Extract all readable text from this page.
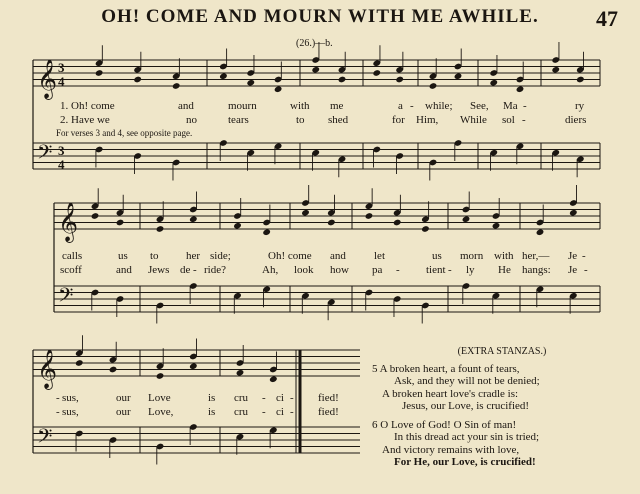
OH! COME AND MOURN WITH ME AWHILE.	47
(26.)—b.
𝄞
𝄢
3
4
3
4
𝄞
𝄢
𝄞
𝄢
1. Oh! come	and	mourn	with me	a - while; See, Ma -	ry
2. Have we	no	tears	to shed	for Him, While sol -	diers
For verses 3 and 4, see opposite page.
calls	us to her side;	Oh! come and	let	us morn with her,— Je -
scoff	and Jews de - ride?	Ah, look how pa - tient - ly He hangs: Je -
- sus,	our Love	is cru - ci - fied!
- sus,	our Love,	is cru - ci - fied!
(EXTRA STANZAS.)
5 A broken heart, a fount of tears,
Ask, and they will not be denied;
A broken heart love's cradle is:
Jesus, our Love, is crucified!
6 O Love of God! O Sin of man!
In this dread act your sin is tried;
And victory remains with love,
For He, our Love, is crucified!
